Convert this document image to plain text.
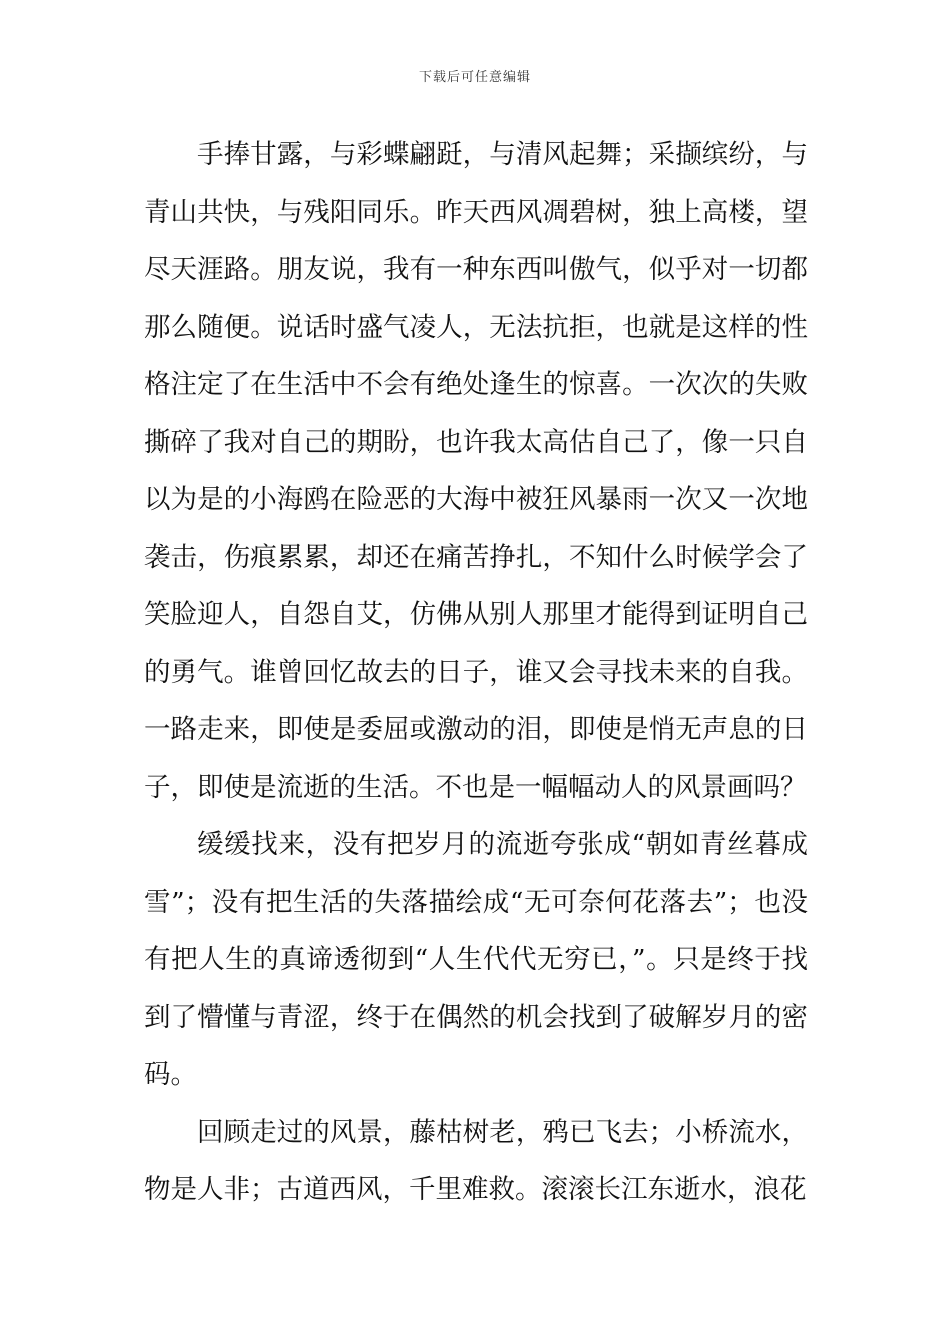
下载后可任意编辑

手捧甘露，与彩蝶翩跹，与清风起舞；采撷缤纷，与青山共快，与残阳同乐。昨天西风凋碧树，独上高楼，望尽天涯路。朋友说，我有一种东西叫傲气，似乎对一切都那么随便。说话时盛气凌人，无法抗拒，也就是这样的性格注定了在生活中不会有绝处逢生的惊喜。一次次的失败撕碎了我对自己的期盼，也许我太高估自己了，像一只自以为是的小海鸥在险恶的大海中被狂风暴雨一次又一次地袭击，伤痕累累，却还在痛苦挣扎，不知什么时候学会了笑脸迎人，自怨自艾，仿佛从别人那里才能得到证明自己的勇气。谁曾回忆故去的日子，谁又会寻找未来的自我。一路走来，即使是委屈或激动的泪，即使是悄无声息的日子，即使是流逝的生活。不也是一幅幅动人的风景画吗？

缓缓找来，没有把岁月的流逝夸张成“朝如青丝暮成雪”；没有把生活的失落描绘成“无可奈何花落去”；也没有把人生的真谛透彻到“人生代代无穷已，”。只是终于找到了懵懂与青涩，终于在偶然的机会找到了破解岁月的密码。

回顾走过的风景，藤枯树老，鸦已飞去；小桥流水，物是人非；古道西风，千里难救。滚滚长江东逝水，浪花
